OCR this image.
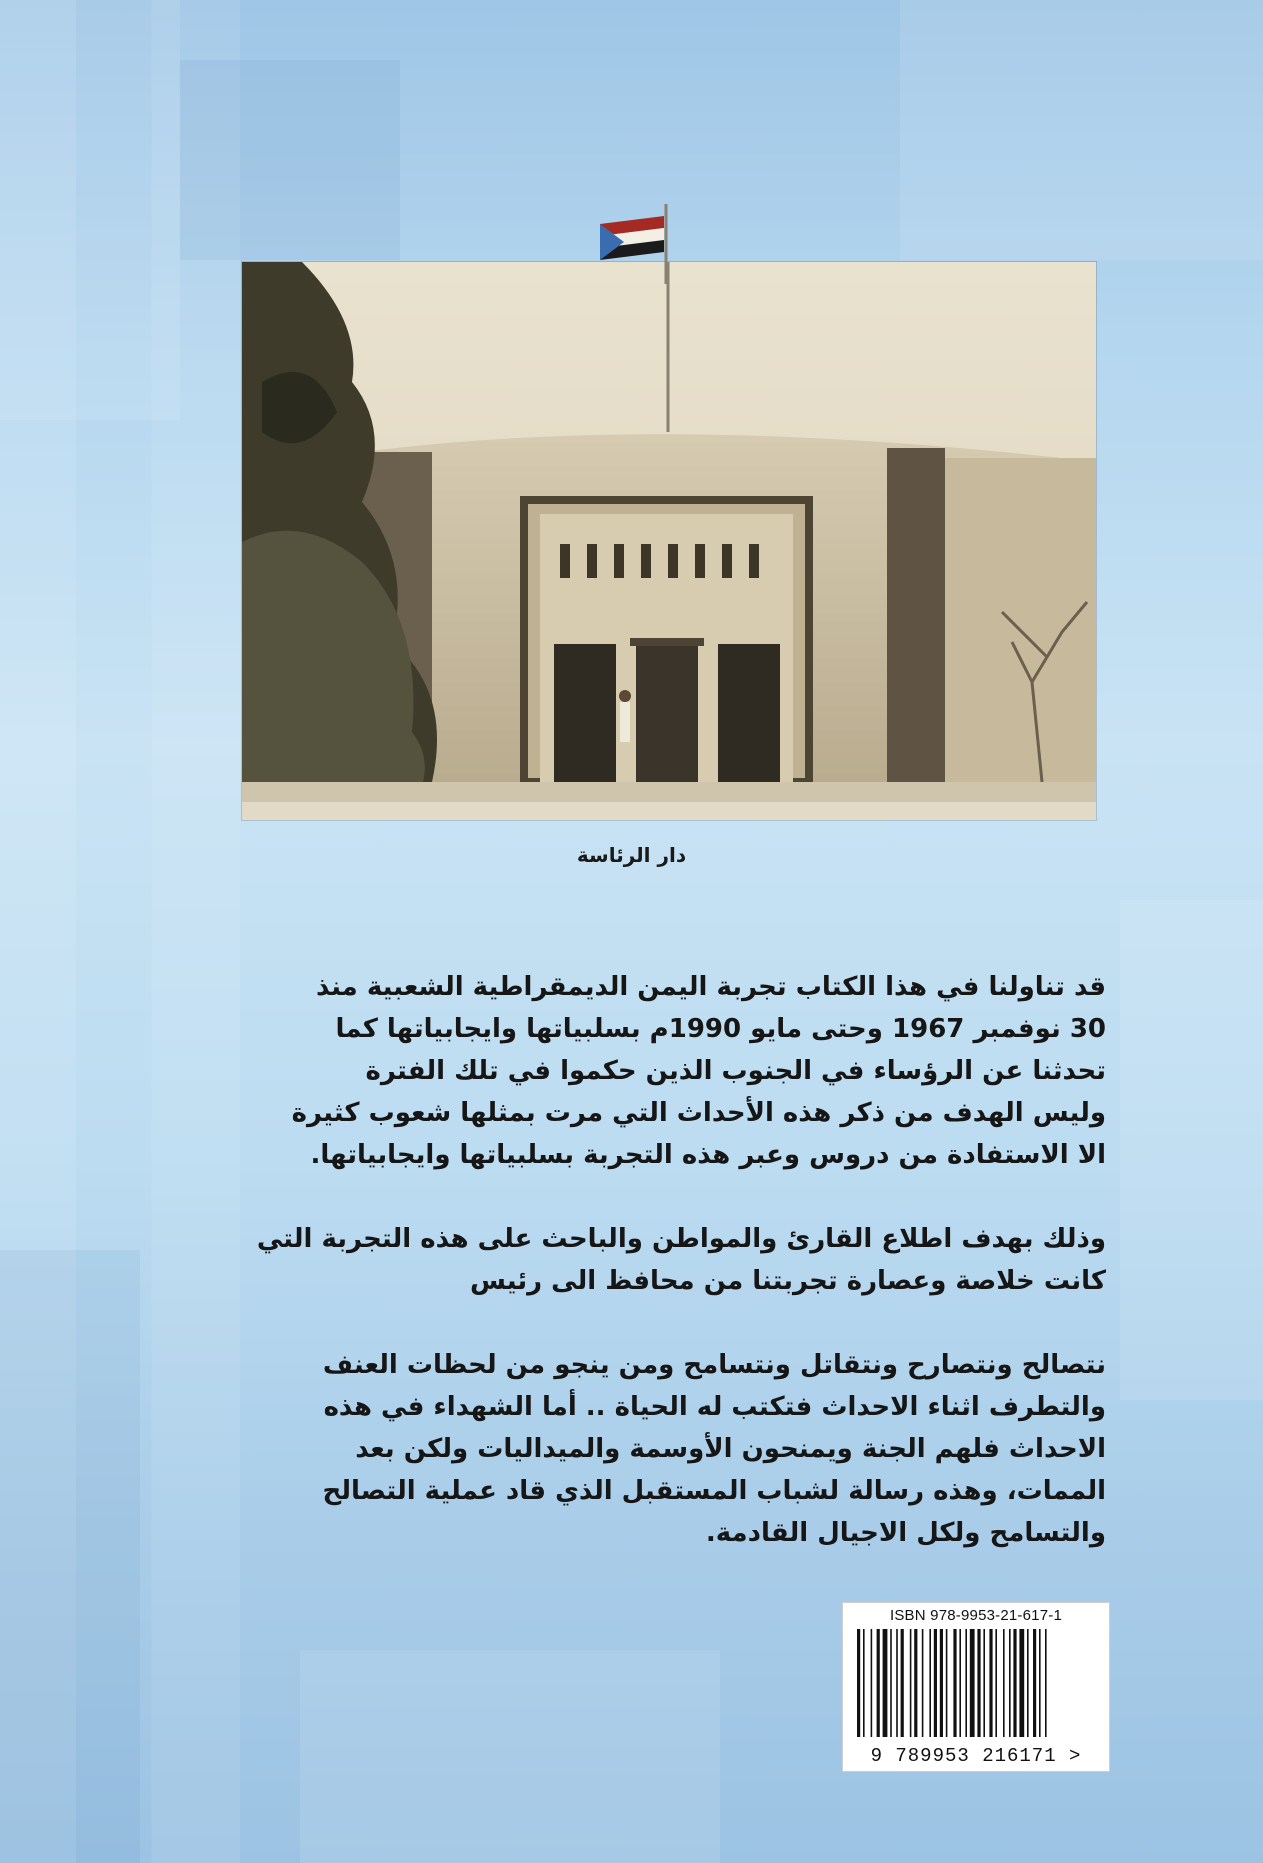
دار الرئاسة
قد تناولنا في هذا الكتاب تجربة اليمن الديمقراطية الشعبية منذ
30 نوفمبر 1967 وحتى مايو 1990م بسلبياتها وايجابياتها كما
تحدثنا عن الرؤساء في الجنوب الذين حكموا في تلك الفترة
وليس الهدف من ذكر هذه الأحداث التي مرت بمثلها شعوب كثيرة
الا الاستفادة من دروس وعبر هذه التجربة بسلبياتها وايجابياتها.
وذلك بهدف اطلاع القارئ والمواطن والباحث على هذه التجربة التي
كانت خلاصة وعصارة تجربتنا من محافظ الى رئيس
نتصالح ونتصارح ونتقاتل ونتسامح ومن ينجو من لحظات العنف
والتطرف اثناء الاحداث فتكتب له الحياة .. أما الشهداء في هذه
الاحداث فلهم الجنة ويمنحون الأوسمة والميداليات ولكن بعد
الممات، وهذه رسالة لشباب المستقبل الذي قاد عملية التصالح
والتسامح ولكل الاجيال القادمة.
ISBN 978-9953-21-617-1
9 789953 216171 >
